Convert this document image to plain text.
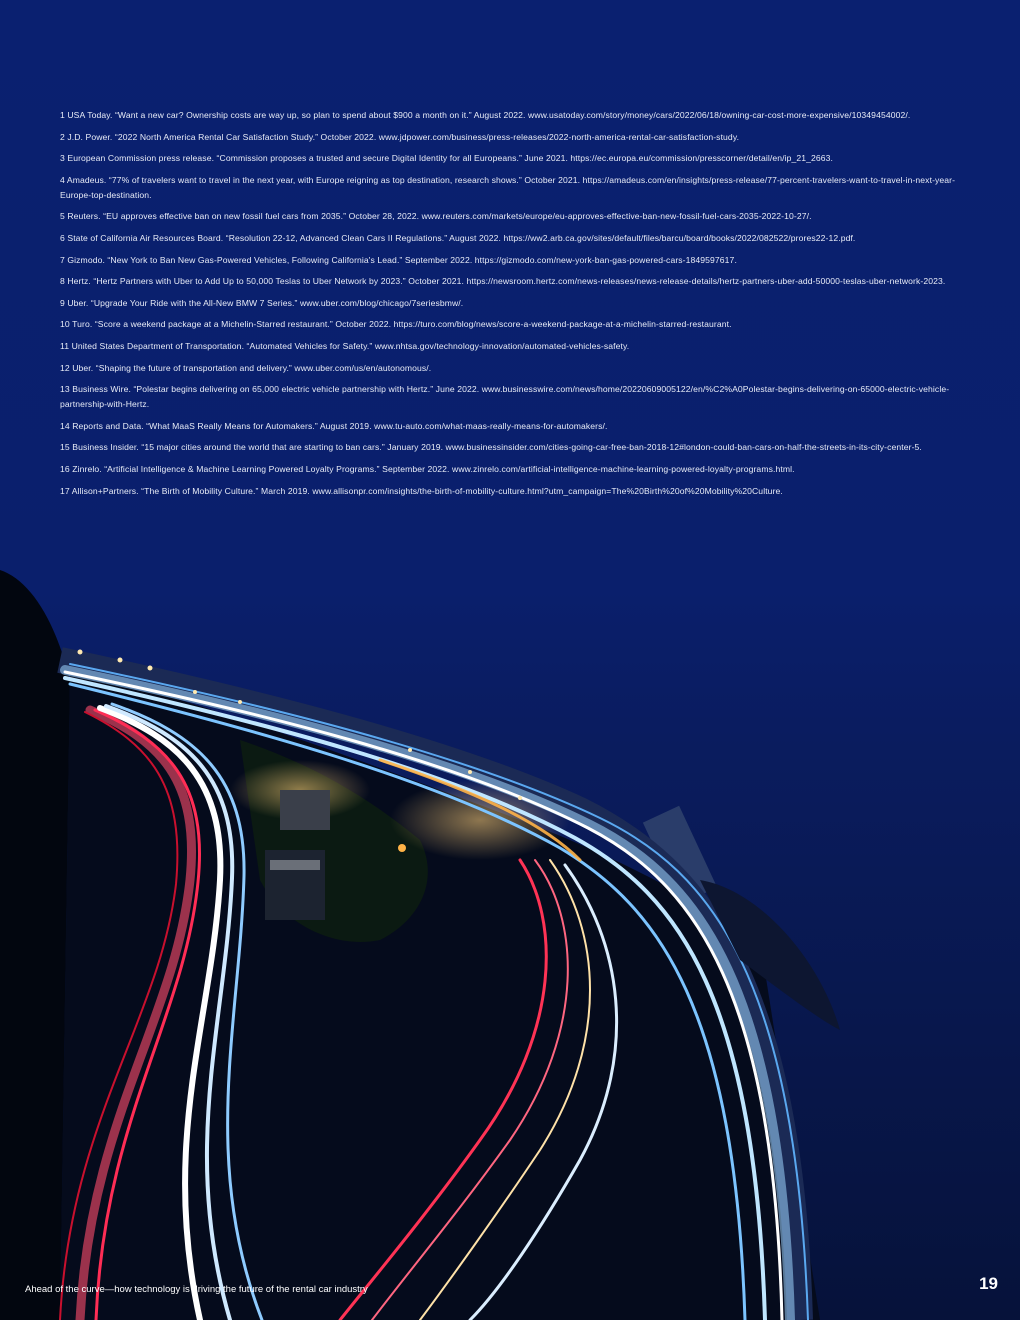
1 USA Today. “Want a new car? Ownership costs are way up, so plan to spend about $900 a month on it.” August 2022. www.usatoday.com/story/money/cars/2022/06/18/owning-car-cost-more-expensive/10349454002/.
2 J.D. Power. “2022 North America Rental Car Satisfaction Study.” October 2022. www.jdpower.com/business/press-releases/2022-north-america-rental-car-satisfaction-study.
3 European Commission press release. “Commission proposes a trusted and secure Digital Identity for all Europeans.” June 2021. https://ec.europa.eu/commission/presscorner/detail/en/ip_21_2663.
4 Amadeus. “77% of travelers want to travel in the next year, with Europe reigning as top destination, research shows.” October 2021. https://amadeus.com/en/insights/press-release/77-percent-travelers-want-to-travel-in-next-year-Europe-top-destination.
5 Reuters. “EU approves effective ban on new fossil fuel cars from 2035.” October 28, 2022. www.reuters.com/markets/europe/eu-approves-effective-ban-new-fossil-fuel-cars-2035-2022-10-27/.
6 State of California Air Resources Board. “Resolution 22-12, Advanced Clean Cars II Regulations.” August 2022. https://ww2.arb.ca.gov/sites/default/files/barcu/board/books/2022/082522/prores22-12.pdf.
7 Gizmodo. “New York to Ban New Gas-Powered Vehicles, Following California's Lead.” September 2022. https://gizmodo.com/new-york-ban-gas-powered-cars-1849597617.
8 Hertz. “Hertz Partners with Uber to Add Up to 50,000 Teslas to Uber Network by 2023.” October 2021. https://newsroom.hertz.com/news-releases/news-release-details/hertz-partners-uber-add-50000-teslas-uber-network-2023.
9 Uber. “Upgrade Your Ride with the All-New BMW 7 Series.” www.uber.com/blog/chicago/7seriesbmw/.
10 Turo. “Score a weekend package at a Michelin-Starred restaurant.” October 2022. https://turo.com/blog/news/score-a-weekend-package-at-a-michelin-starred-restaurant.
11 United States Department of Transportation. “Automated Vehicles for Safety.” www.nhtsa.gov/technology-innovation/automated-vehicles-safety.
12 Uber. “Shaping the future of transportation and delivery.” www.uber.com/us/en/autonomous/.
13 Business Wire. “Polestar begins delivering on 65,000 electric vehicle partnership with Hertz.” June 2022. www.businesswire.com/news/home/20220609005122/en/%C2%A0Polestar-begins-delivering-on-65000-electric-vehicle-partnership-with-Hertz.
14 Reports and Data. “What MaaS Really Means for Automakers.” August 2019. www.tu-auto.com/what-maas-really-means-for-automakers/.
15 Business Insider. “15 major cities around the world that are starting to ban cars.” January 2019. www.businessinsider.com/cities-going-car-free-ban-2018-12#london-could-ban-cars-on-half-the-streets-in-its-city-center-5.
16 Zinrelo. “Artificial Intelligence & Machine Learning Powered Loyalty Programs.” September 2022. www.zinrelo.com/artificial-intelligence-machine-learning-powered-loyalty-programs.html.
17 Allison+Partners. “The Birth of Mobility Culture.” March 2019. www.allisonpr.com/insights/the-birth-of-mobility-culture.html?utm_campaign=The%20Birth%20of%20Mobility%20Culture.
Ahead of the curve—how technology is driving the future of the rental car industry	19
